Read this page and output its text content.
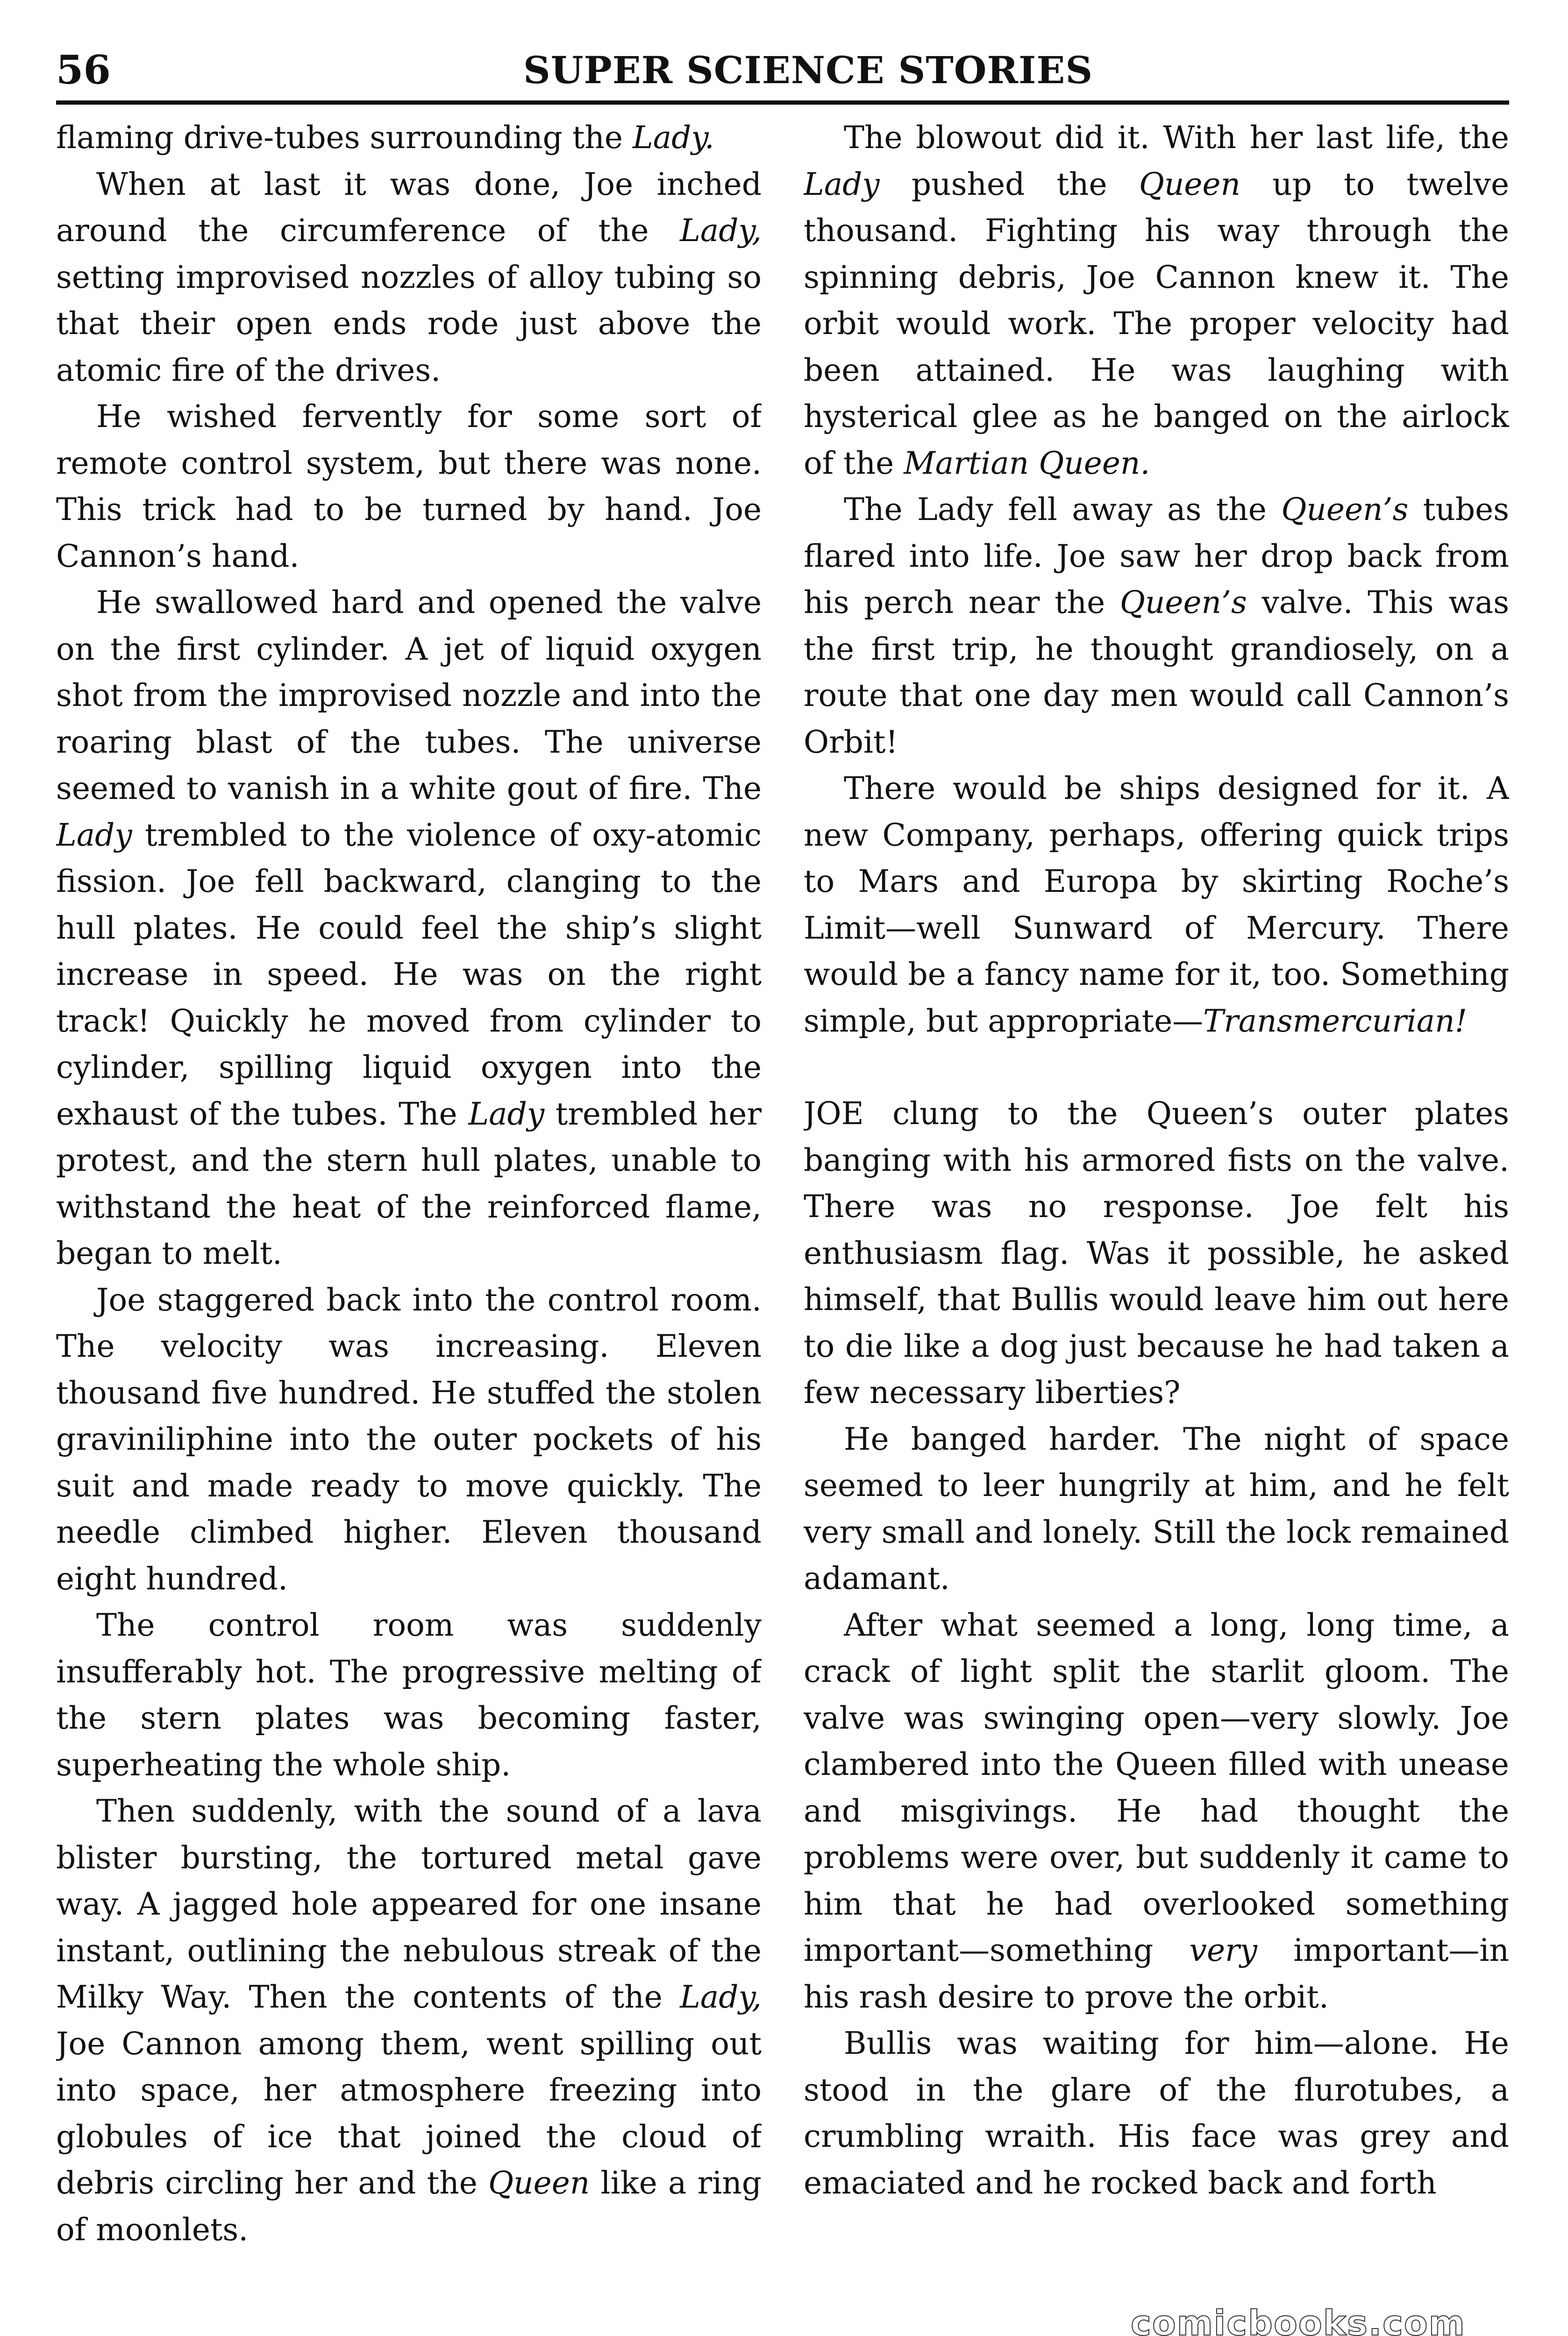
56	SUPER SCIENCE STORIES

flaming drive-tubes surrounding the Lady.

When at last it was done, Joe inched around the circumference of the Lady, setting improvised nozzles of alloy tubing so that their open ends rode just above the atomic fire of the drives.

He wished fervently for some sort of remote control system, but there was none. This trick had to be turned by hand. Joe Cannon’s hand.

He swallowed hard and opened the valve on the first cylinder. A jet of liquid oxygen shot from the improvised nozzle and into the roaring blast of the tubes. The universe seemed to vanish in a white gout of fire. The Lady trembled to the violence of oxy-atomic fission. Joe fell backward, clanging to the hull plates. He could feel the ship’s slight increase in speed. He was on the right track! Quickly he moved from cylinder to cylinder, spilling liquid oxygen into the exhaust of the tubes. The Lady trembled her protest, and the stern hull plates, unable to withstand the heat of the reinforced flame, began to melt.

Joe staggered back into the control room. The velocity was increasing. Eleven thousand five hundred. He stuffed the stolen graviniliphine into the outer pockets of his suit and made ready to move quickly. The needle climbed higher. Eleven thousand eight hundred.

The control room was suddenly insufferably hot. The progressive melting of the stern plates was becoming faster, superheating the whole ship.

Then suddenly, with the sound of a lava blister bursting, the tortured metal gave way. A jagged hole appeared for one insane instant, outlining the nebulous streak of the Milky Way. Then the contents of the Lady, Joe Cannon among them, went spilling out into space, her atmosphere freezing into globules of ice that joined the cloud of debris circling her and the Queen like a ring of moonlets.

The blowout did it. With her last life, the Lady pushed the Queen up to twelve thousand. Fighting his way through the spinning debris, Joe Cannon knew it. The orbit would work. The proper velocity had been attained. He was laughing with hysterical glee as he banged on the airlock of the Martian Queen.

The Lady fell away as the Queen’s tubes flared into life. Joe saw her drop back from his perch near the Queen’s valve. This was the first trip, he thought grandiosely, on a route that one day men would call Cannon’s Orbit!

There would be ships designed for it. A new Company, perhaps, offering quick trips to Mars and Europa by skirting Roche’s Limit—well Sunward of Mercury. There would be a fancy name for it, too. Something simple, but appropriate—Transmercurian!

JOE clung to the Queen’s outer plates banging with his armored fists on the valve. There was no response. Joe felt his enthusiasm flag. Was it possible, he asked himself, that Bullis would leave him out here to die like a dog just because he had taken a few necessary liberties?

He banged harder. The night of space seemed to leer hungrily at him, and he felt very small and lonely. Still the lock remained adamant.

After what seemed a long, long time, a crack of light split the starlit gloom. The valve was swinging open—very slowly. Joe clambered into the Queen filled with unease and misgivings. He had thought the problems were over, but suddenly it came to him that he had overlooked something important—something very important—in his rash desire to prove the orbit.

Bullis was waiting for him—alone. He stood in the glare of the flurotubes, a crumbling wraith. His face was grey and emaciated and he rocked back and forth

comicbooks.com
